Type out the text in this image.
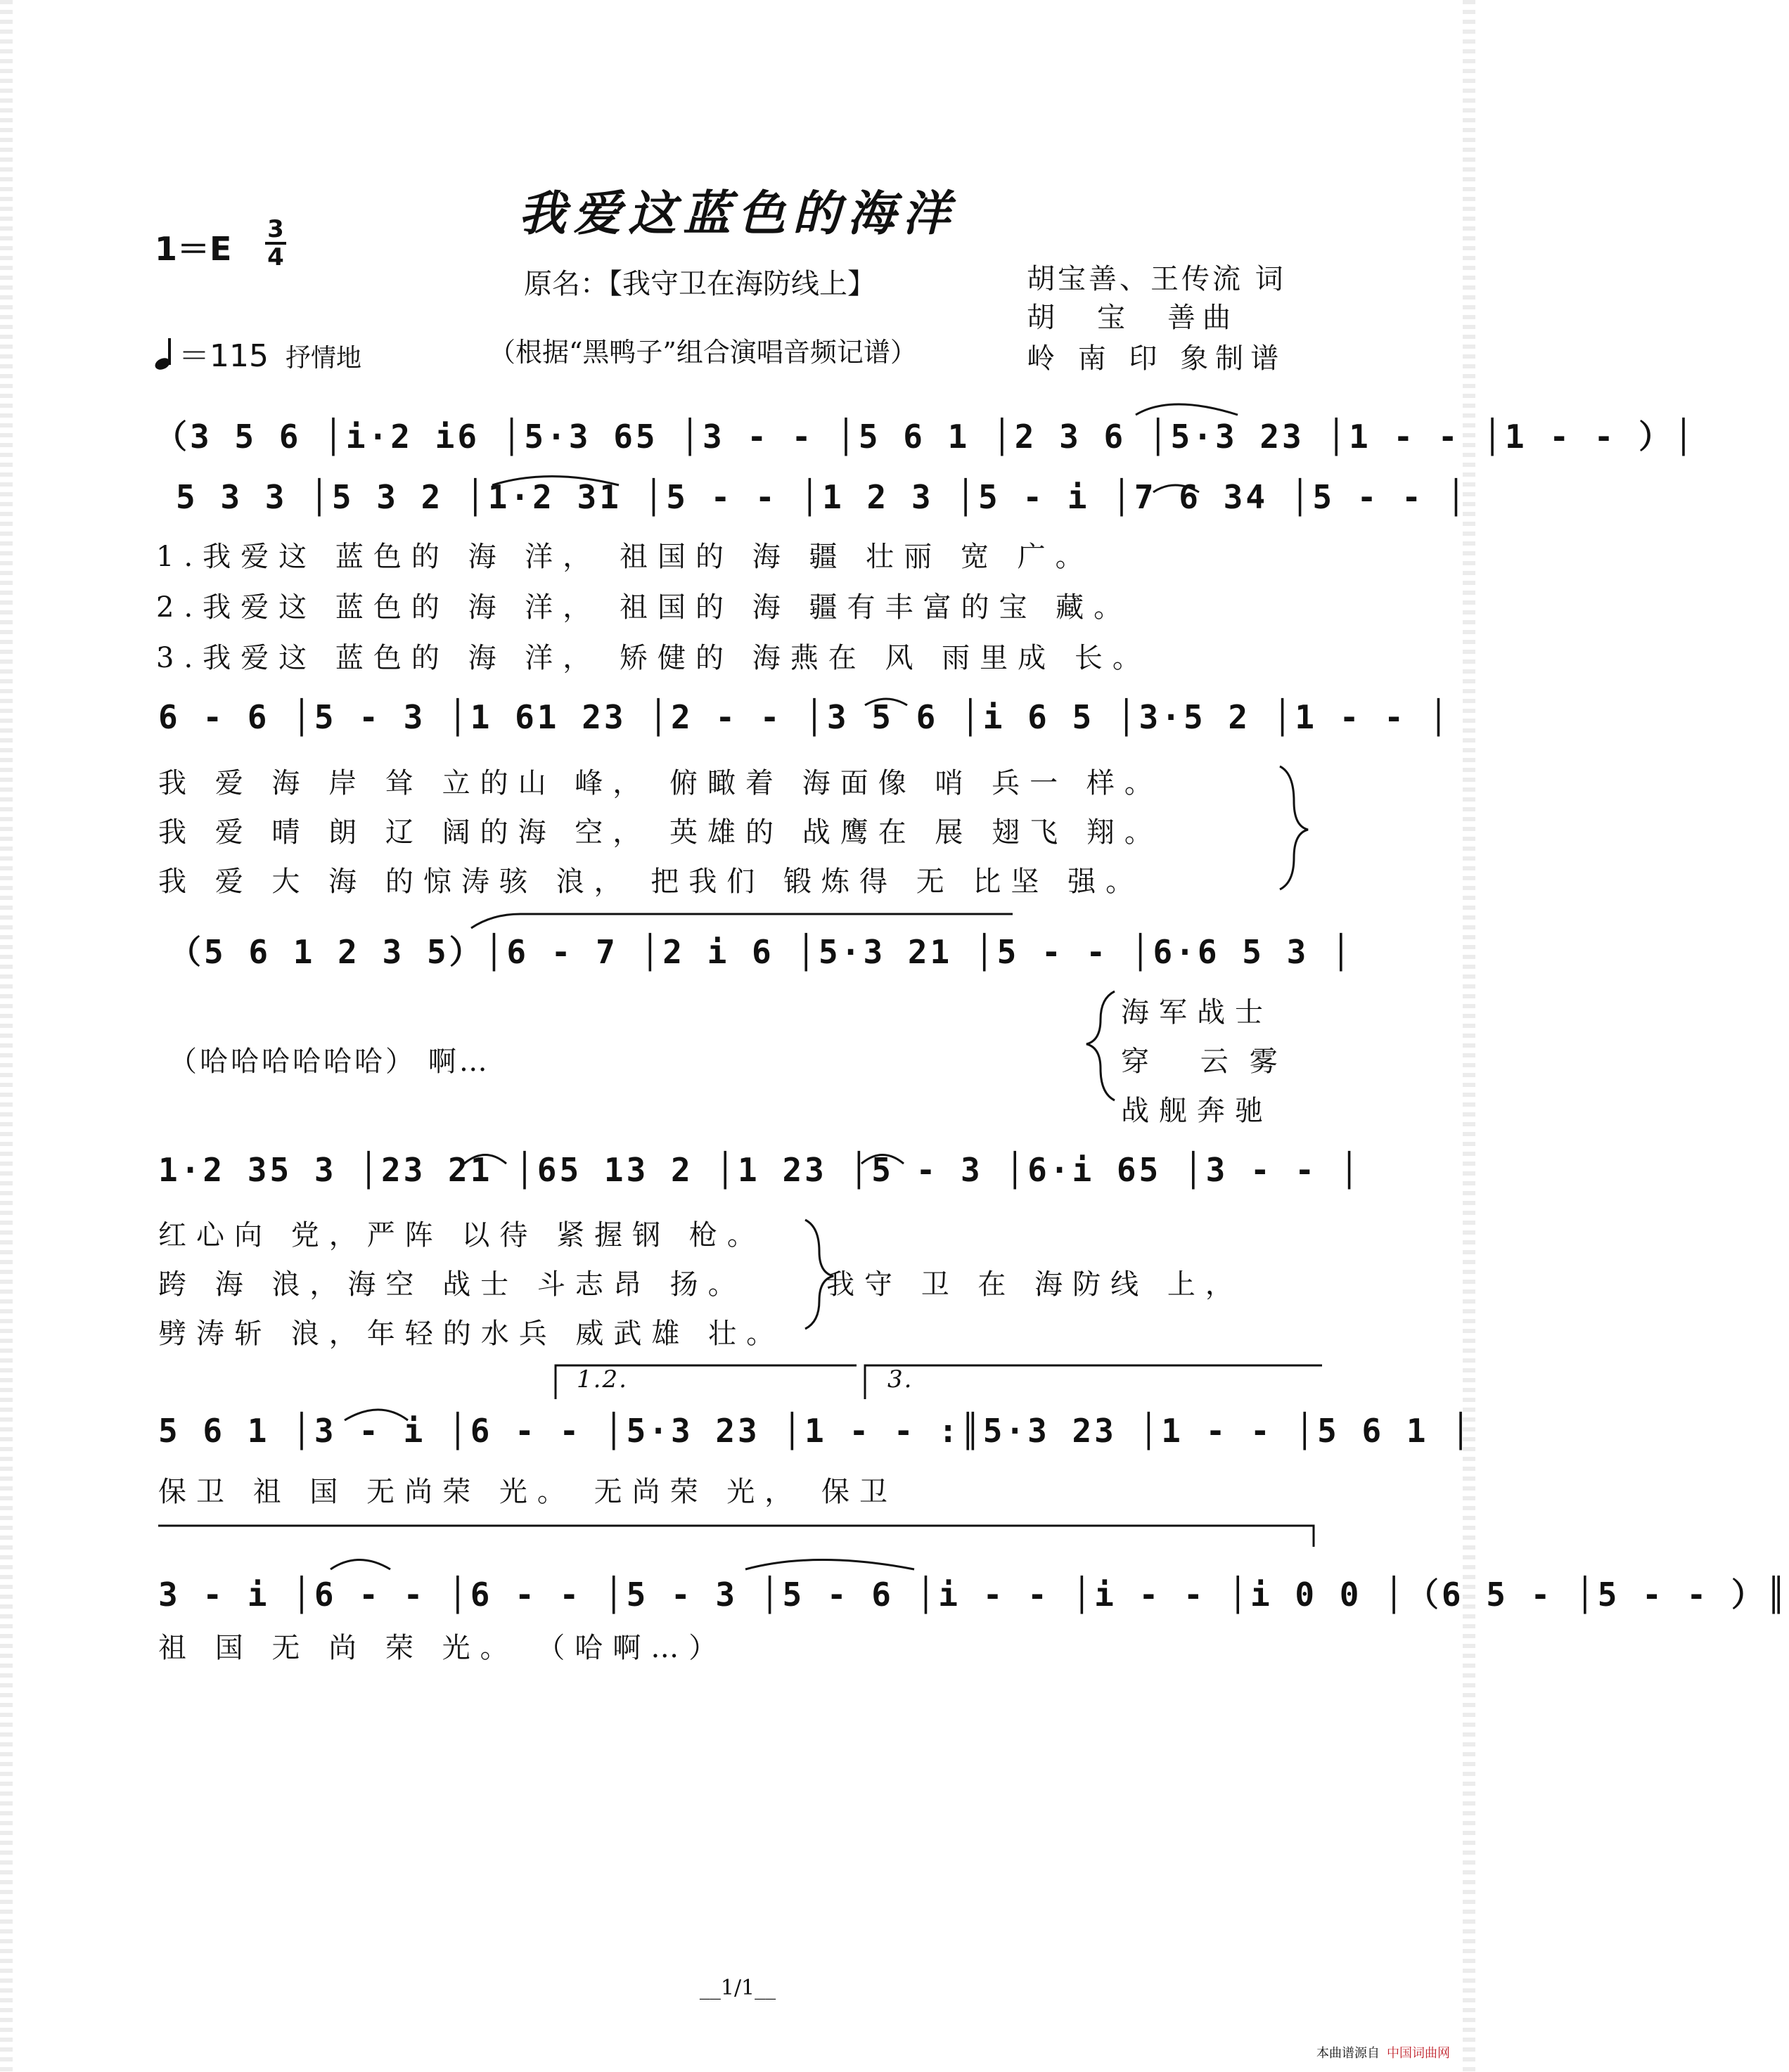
我爱这蓝色的海洋
1＝E
3
4
＝115 抒情地
原名：【我守卫在海防线上】
（根据“黑鸭子”组合演唱音频记谱）
胡宝善、王传流 词
胡　宝　善曲
岭 南 印 象制谱
（3 5 6 │i·2 i6 │5·3 65 │3 - - │5 6 1 │2 3 6 │5·3 23 │1 - - │1 - - ）│
5 3 3 │5 3 2 │1·2 31 │5 - - │1 2 3 │5 - i │7 6 34 │5 - - │
1.我爱这 蓝色的 海 洋， 祖国的 海 疆 壮丽 宽 广。
2.我爱这 蓝色的 海 洋， 祖国的 海 疆有丰富的宝 藏。
3.我爱这 蓝色的 海 洋， 矫健的 海燕在 风 雨里成 长。
6 - 6 │5 - 3 │1 61 23 │2 - - │3 5 6 │i 6 5 │3·5 2 │1 - - │
我 爱 海 岸 耸 立的山 峰， 俯瞰着 海面像 哨 兵一 样。
我 爱 晴 朗 辽 阔的海 空， 英雄的 战鹰在 展 翅飞 翔。
我 爱 大 海 的惊涛骇 浪， 把我们 锻炼得 无 比坚 强。
（5 6 1 2 3 5）│6 - 7 │2 i 6 │5·3 21 │5 - - │6·6 5 3 │
（哈哈哈哈哈哈） 啊…
海军战士
穿 云雾
战舰奔驰
1·2 35 3 │23 21 │65 13 2 │1 23 │5 - 3 │6·i 65 │3 - - │
红心向 党，严阵 以待 紧握钢 枪。
跨 海 浪，海空 战士 斗志昂 扬。
劈涛斩 浪，年轻的水兵 威武雄 壮。
我守 卫 在 海防线 上，
1.2.	3.
5 6 1 │3 - i │6 - - │5·3 23 │1 - - :║5·3 23 │1 - - │5 6 1 │
保卫 祖 国 无尚荣 光。 无尚荣 光， 保卫
3 - i │6 - - │6 - - │5 - 3 │5 - 6 │i - - │i - - │i 0 0 │（6 5 - │5 - - ）║
祖 国 无 尚 荣 光。 （哈啊…）
__1/1__
本曲谱源自 中国词曲网
